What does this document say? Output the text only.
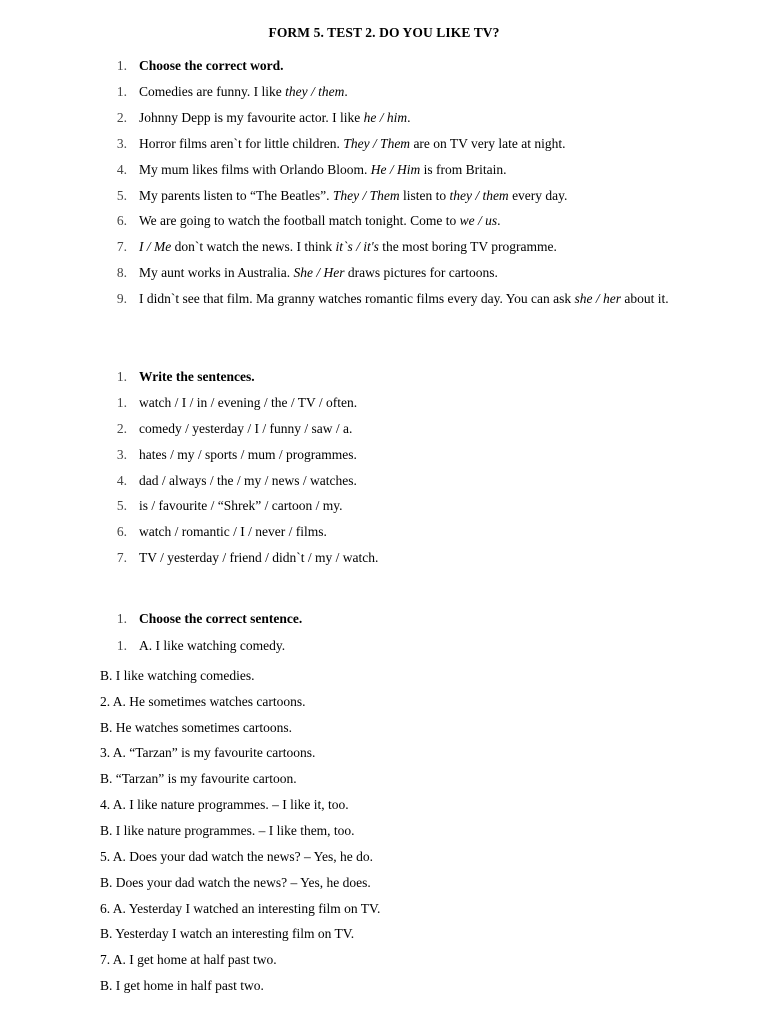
FORM 5. TEST 2. DO YOU LIKE TV?
1. Choose the correct word.
1. Comedies are funny. I like they / them.
2. Johnny Depp is my favourite actor. I like he / him.
3. Horror films aren`t for little children. They / Them are on TV very late at night.
4. My mum likes films with Orlando Bloom. He / Him is from Britain.
5. My parents listen to “The Beatles”. They / Them listen to they / them every day.
6. We are going to watch the football match tonight. Come to we / us.
7. I / Me don`t watch the news. I think it`s / it's the most boring TV programme.
8. My aunt works in Australia. She / Her draws pictures for cartoons.
9. I didn`t see that film. Ma granny watches romantic films every day. You can ask she / her about it.
1. Write the sentences.
1. watch / I / in / evening / the / TV / often.
2. comedy / yesterday / I / funny / saw / a.
3. hates / my / sports / mum / programmes.
4. dad / always / the / my / news / watches.
5. is / favourite / “Shrek” / cartoon / my.
6. watch / romantic / I / never / films.
7. TV / yesterday / friend / didn`t / my / watch.
1. Choose the correct sentence.
1. A. I like watching comedy.
B. I like watching comedies.
2. A. He sometimes watches cartoons.
B. He watches sometimes cartoons.
3. A. “Tarzan” is my favourite cartoons.
B. “Tarzan” is my favourite cartoon.
4. A. I like nature programmes. – I like it, too.
B. I like nature programmes. – I like them, too.
5. A. Does your dad watch the news? – Yes, he do.
B. Does your dad watch the news? – Yes, he does.
6. A. Yesterday I watched an interesting film on TV.
B. Yesterday I watch an interesting film on TV.
7. A. I get home at half past two.
B. I get home in half past two.
